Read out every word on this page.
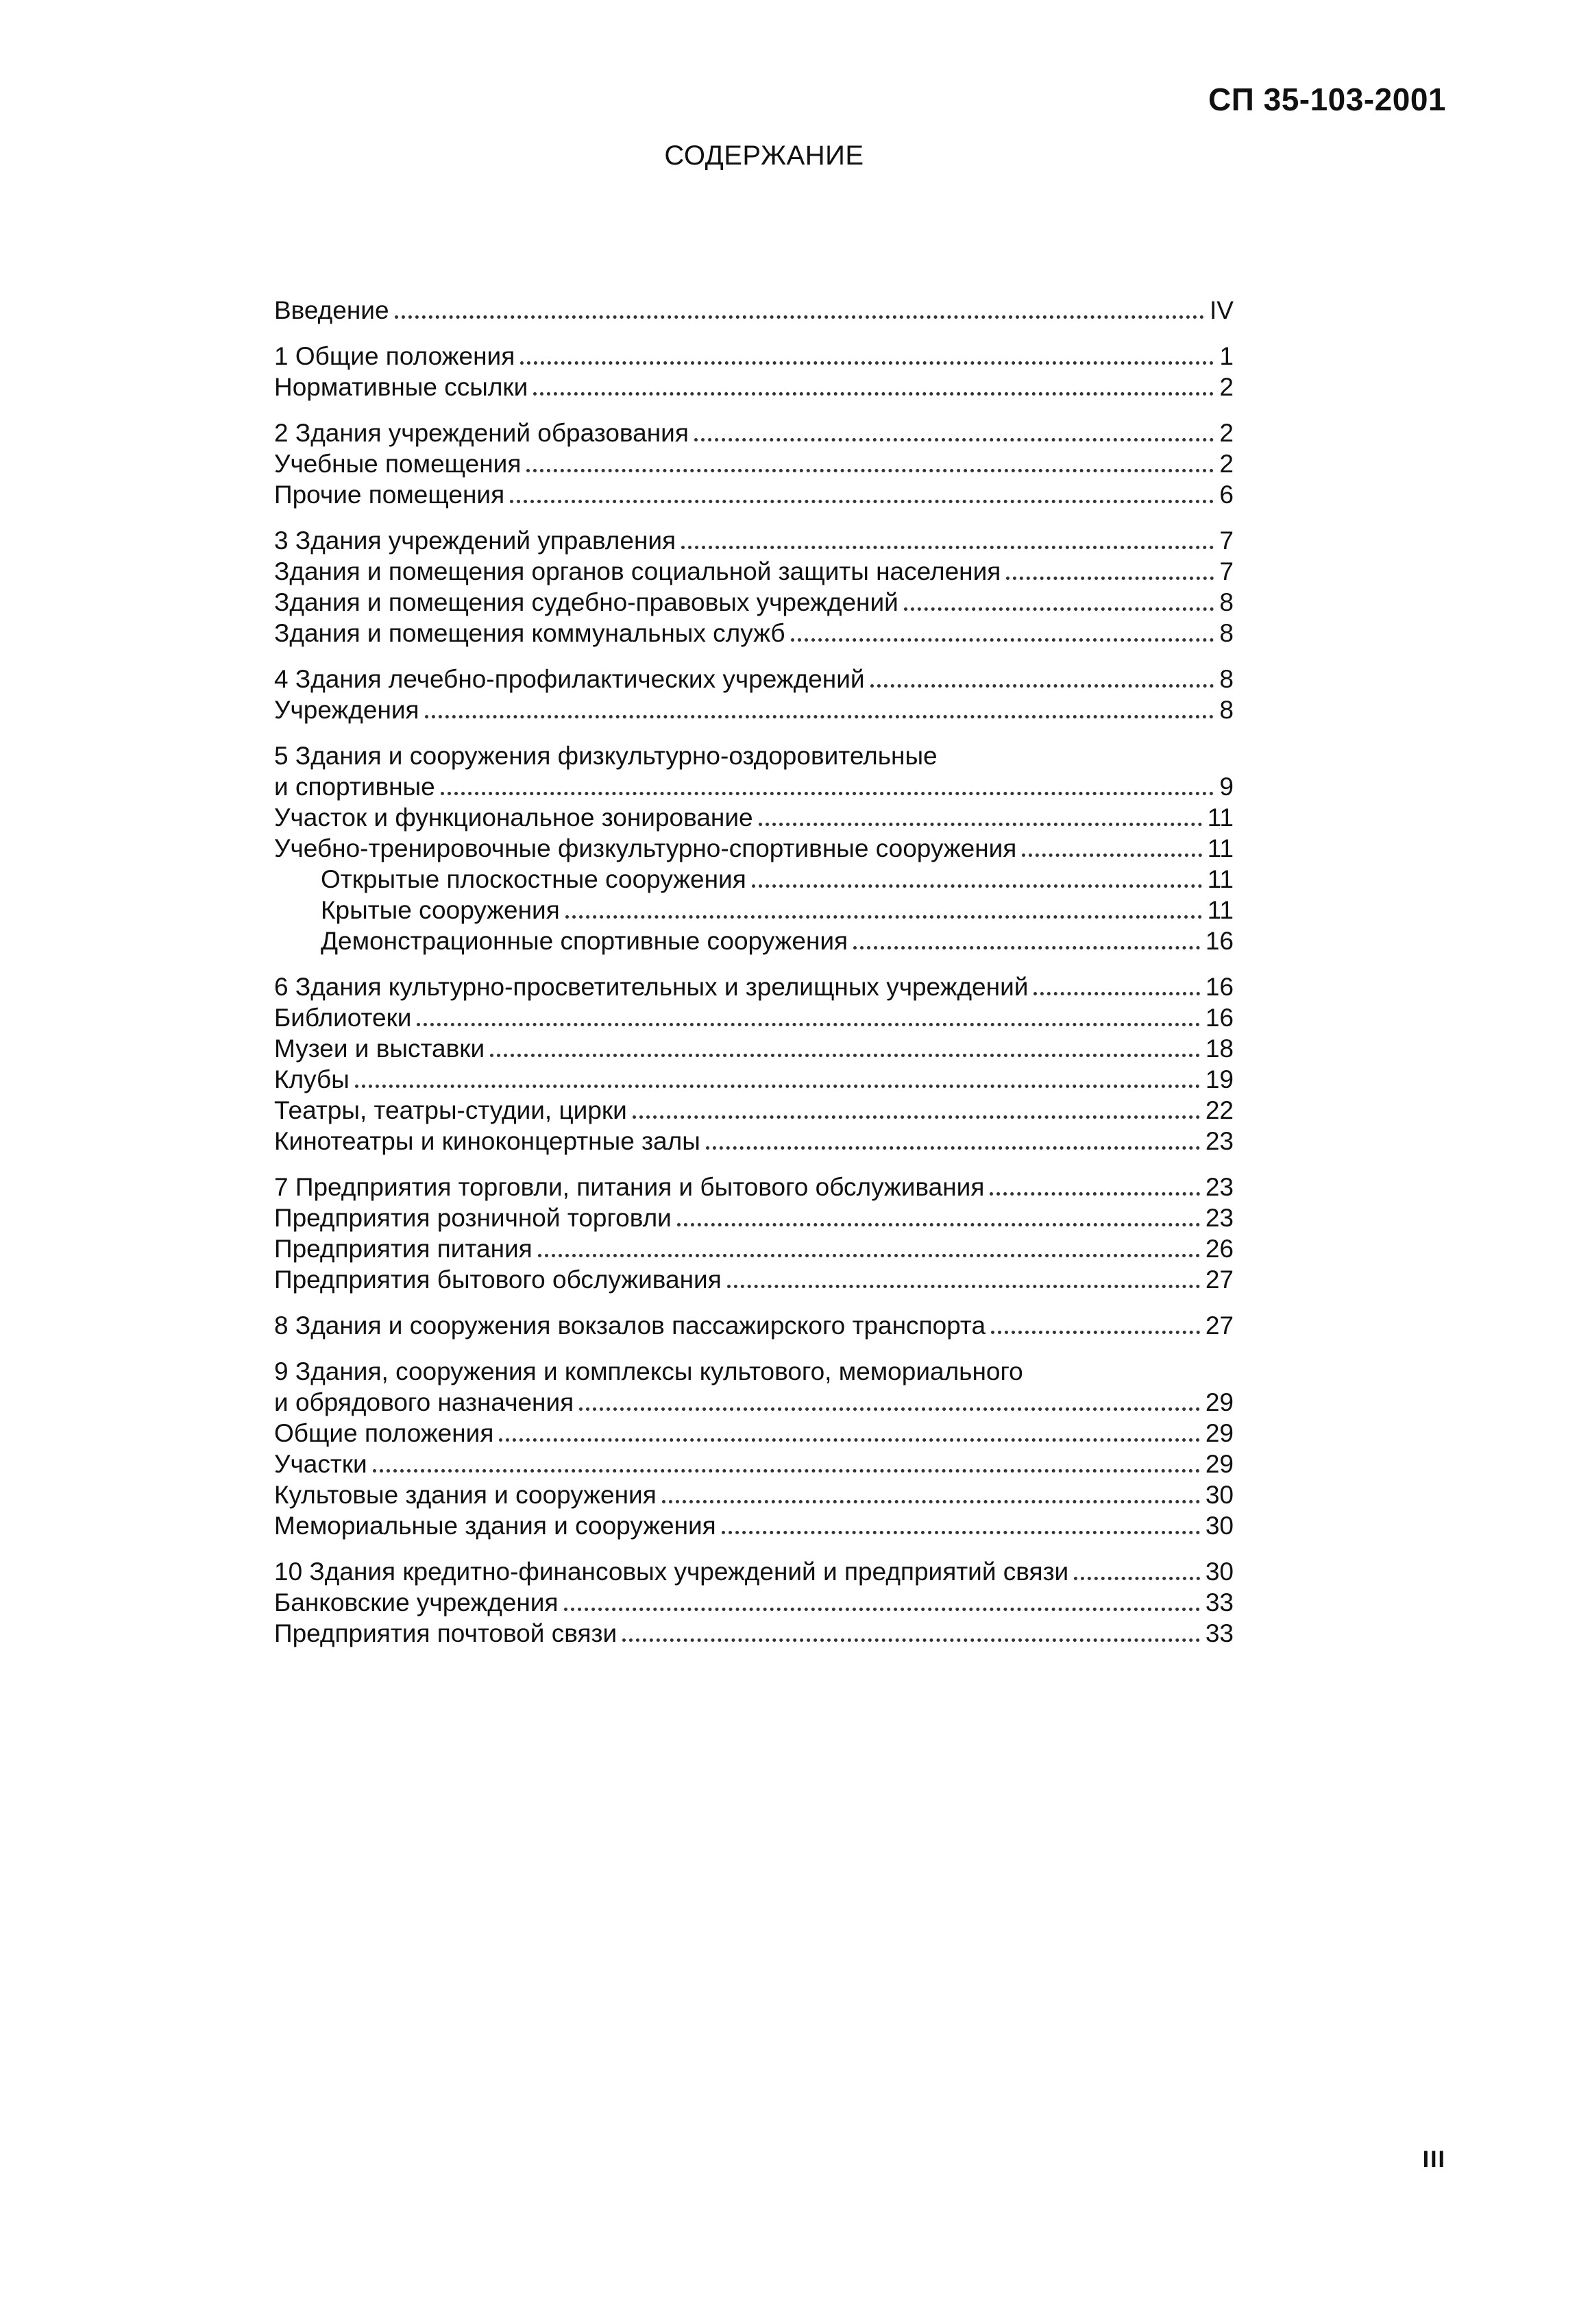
СП 35-103-2001
СОДЕРЖАНИЕ
Введение	IV
1 Общие положения	1
Нормативные ссылки	2
2 Здания учреждений образования	2
Учебные помещения	2
Прочие помещения	6
3 Здания учреждений управления	7
Здания и помещения органов социальной защиты населения	7
Здания и помещения судебно-правовых учреждений	8
Здания и помещения коммунальных служб	8
4 Здания лечебно-профилактических учреждений	8
Учреждения	8
5 Здания и сооружения физкультурно-оздоровительные
и спортивные	9
Участок и функциональное зонирование	11
Учебно-тренировочные физкультурно-спортивные сооружения	11
Открытые плоскостные сооружения	11
Крытые сооружения	11
Демонстрационные спортивные сооружения	16
6 Здания культурно-просветительных и зрелищных учреждений	16
Библиотеки	16
Музеи и выставки	18
Клубы	19
Театры, театры-студии, цирки	22
Кинотеатры и киноконцертные залы	23
7 Предприятия торговли, питания и бытового обслуживания	23
Предприятия розничной торговли	23
Предприятия питания	26
Предприятия бытового обслуживания	27
8 Здания и сооружения вокзалов пассажирского транспорта	27
9 Здания, сооружения и комплексы культового, мемориального
и обрядового назначения	29
Общие положения	29
Участки	29
Культовые здания и сооружения	30
Мемориальные здания и сооружения	30
10 Здания кредитно-финансовых учреждений и предприятий связи	30
Банковские учреждения	33
Предприятия почтовой связи	33
III
